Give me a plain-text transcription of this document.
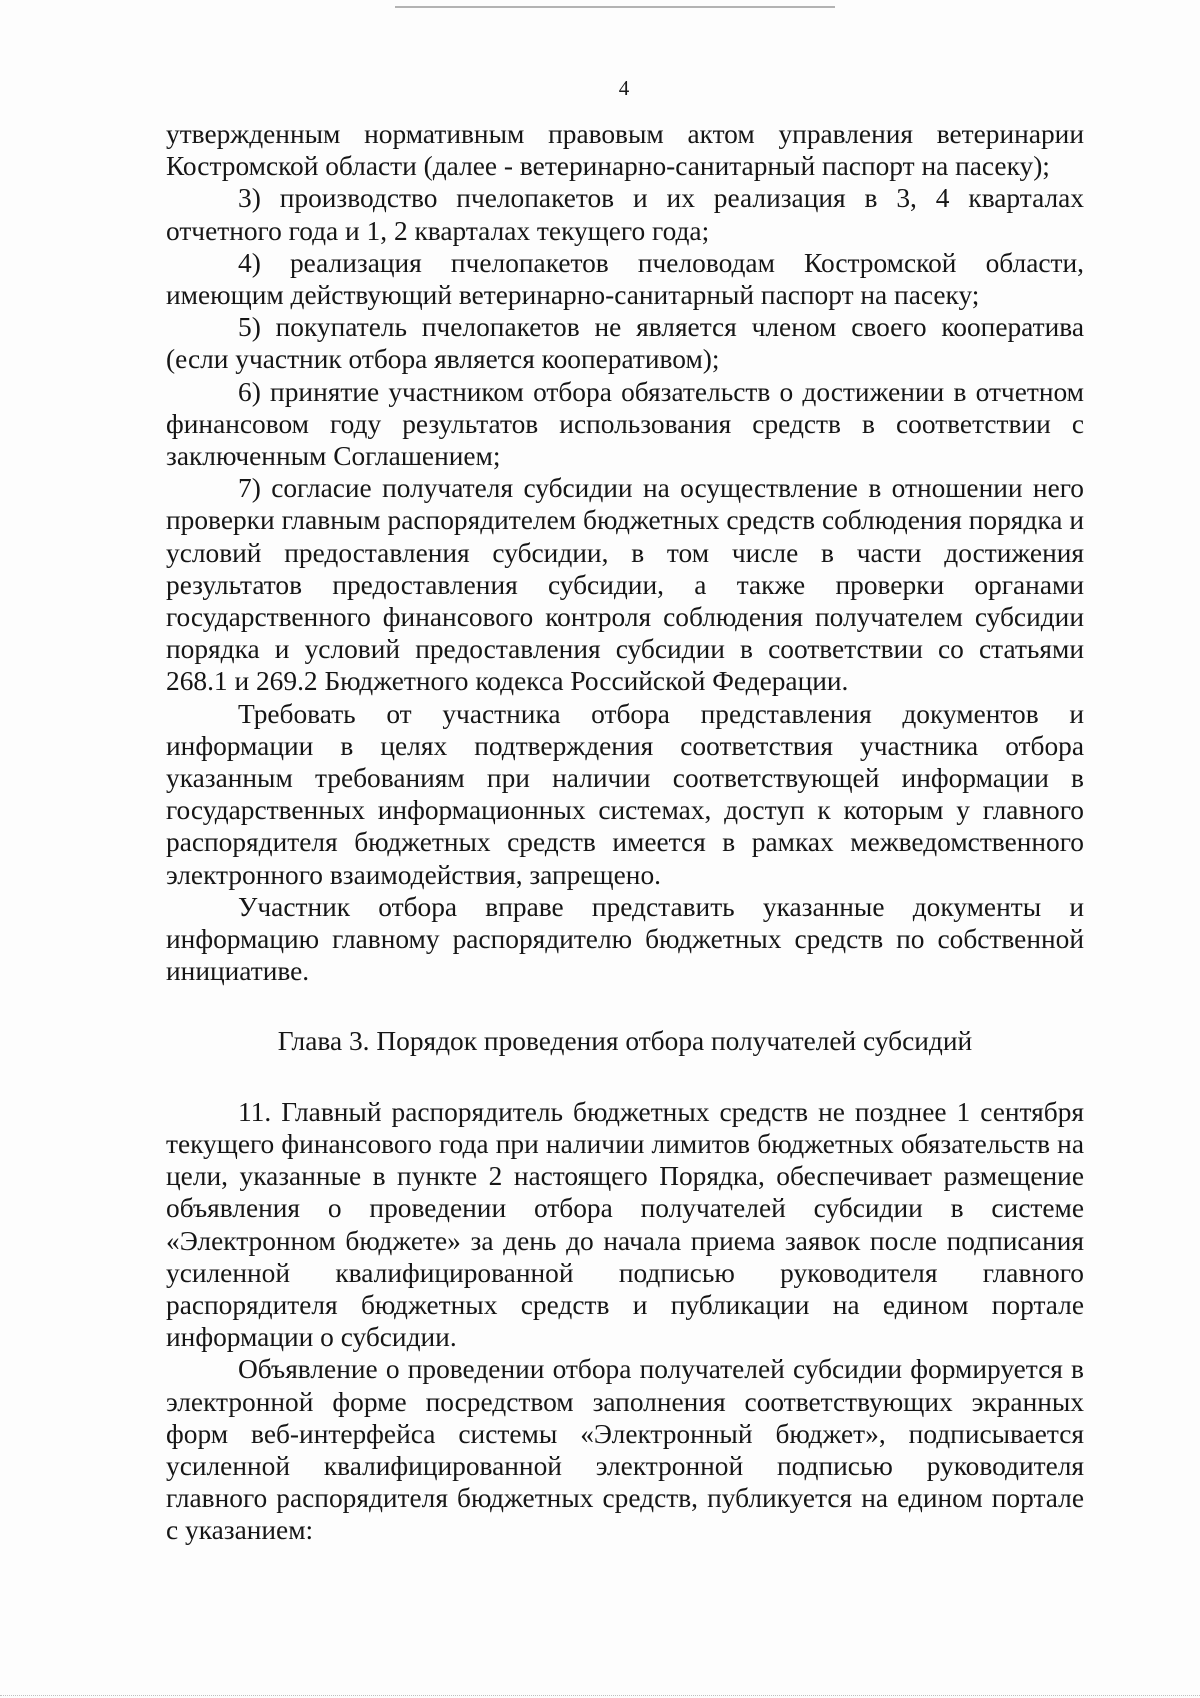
4

утвержденным нормативным правовым актом управления ветеринарии Костромской области (далее - ветеринарно-санитарный паспорт на пасеку);

3) производство пчелопакетов и их реализация в 3, 4 кварталах отчетного года и 1, 2 кварталах текущего года;

4) реализация пчелопакетов пчеловодам Костромской области, имеющим действующий ветеринарно-санитарный паспорт на пасеку;

5) покупатель пчелопакетов не является членом своего кооператива (если участник отбора является кооперативом);

6) принятие участником отбора обязательств о достижении в отчетном финансовом году результатов использования средств в соответствии с заключенным Соглашением;

7) согласие получателя субсидии на осуществление в отношении него проверки главным распорядителем бюджетных средств соблюдения порядка и условий предоставления субсидии, в том числе в части достижения результатов предоставления субсидии, а также проверки органами государственного финансового контроля соблюдения получателем субсидии порядка и условий предоставления субсидии в соответствии со статьями 268.1 и 269.2 Бюджетного кодекса Российской Федерации.

Требовать от участника отбора представления документов и информации в целях подтверждения соответствия участника отбора указанным требованиям при наличии соответствующей информации в государственных информационных системах, доступ к которым у главного распорядителя бюджетных средств имеется в рамках межведомственного электронного взаимодействия, запрещено.

Участник отбора вправе представить указанные документы и информацию главному распорядителю бюджетных средств по собственной инициативе.

Глава 3. Порядок проведения отбора получателей субсидий

11. Главный распорядитель бюджетных средств не позднее 1 сентября текущего финансового года при наличии лимитов бюджетных обязательств на цели, указанные в пункте 2 настоящего Порядка, обеспечивает размещение объявления о проведении отбора получателей субсидии в системе «Электронном бюджете» за день до начала приема заявок после подписания усиленной квалифицированной подписью руководителя главного распорядителя бюджетных средств и публикации на едином портале информации о субсидии.

Объявление о проведении отбора получателей субсидии формируется в электронной форме посредством заполнения соответствующих экранных форм веб-интерфейса системы «Электронный бюджет», подписывается усиленной квалифицированной электронной подписью руководителя главного распорядителя бюджетных средств, публикуется на едином портале с указанием:
